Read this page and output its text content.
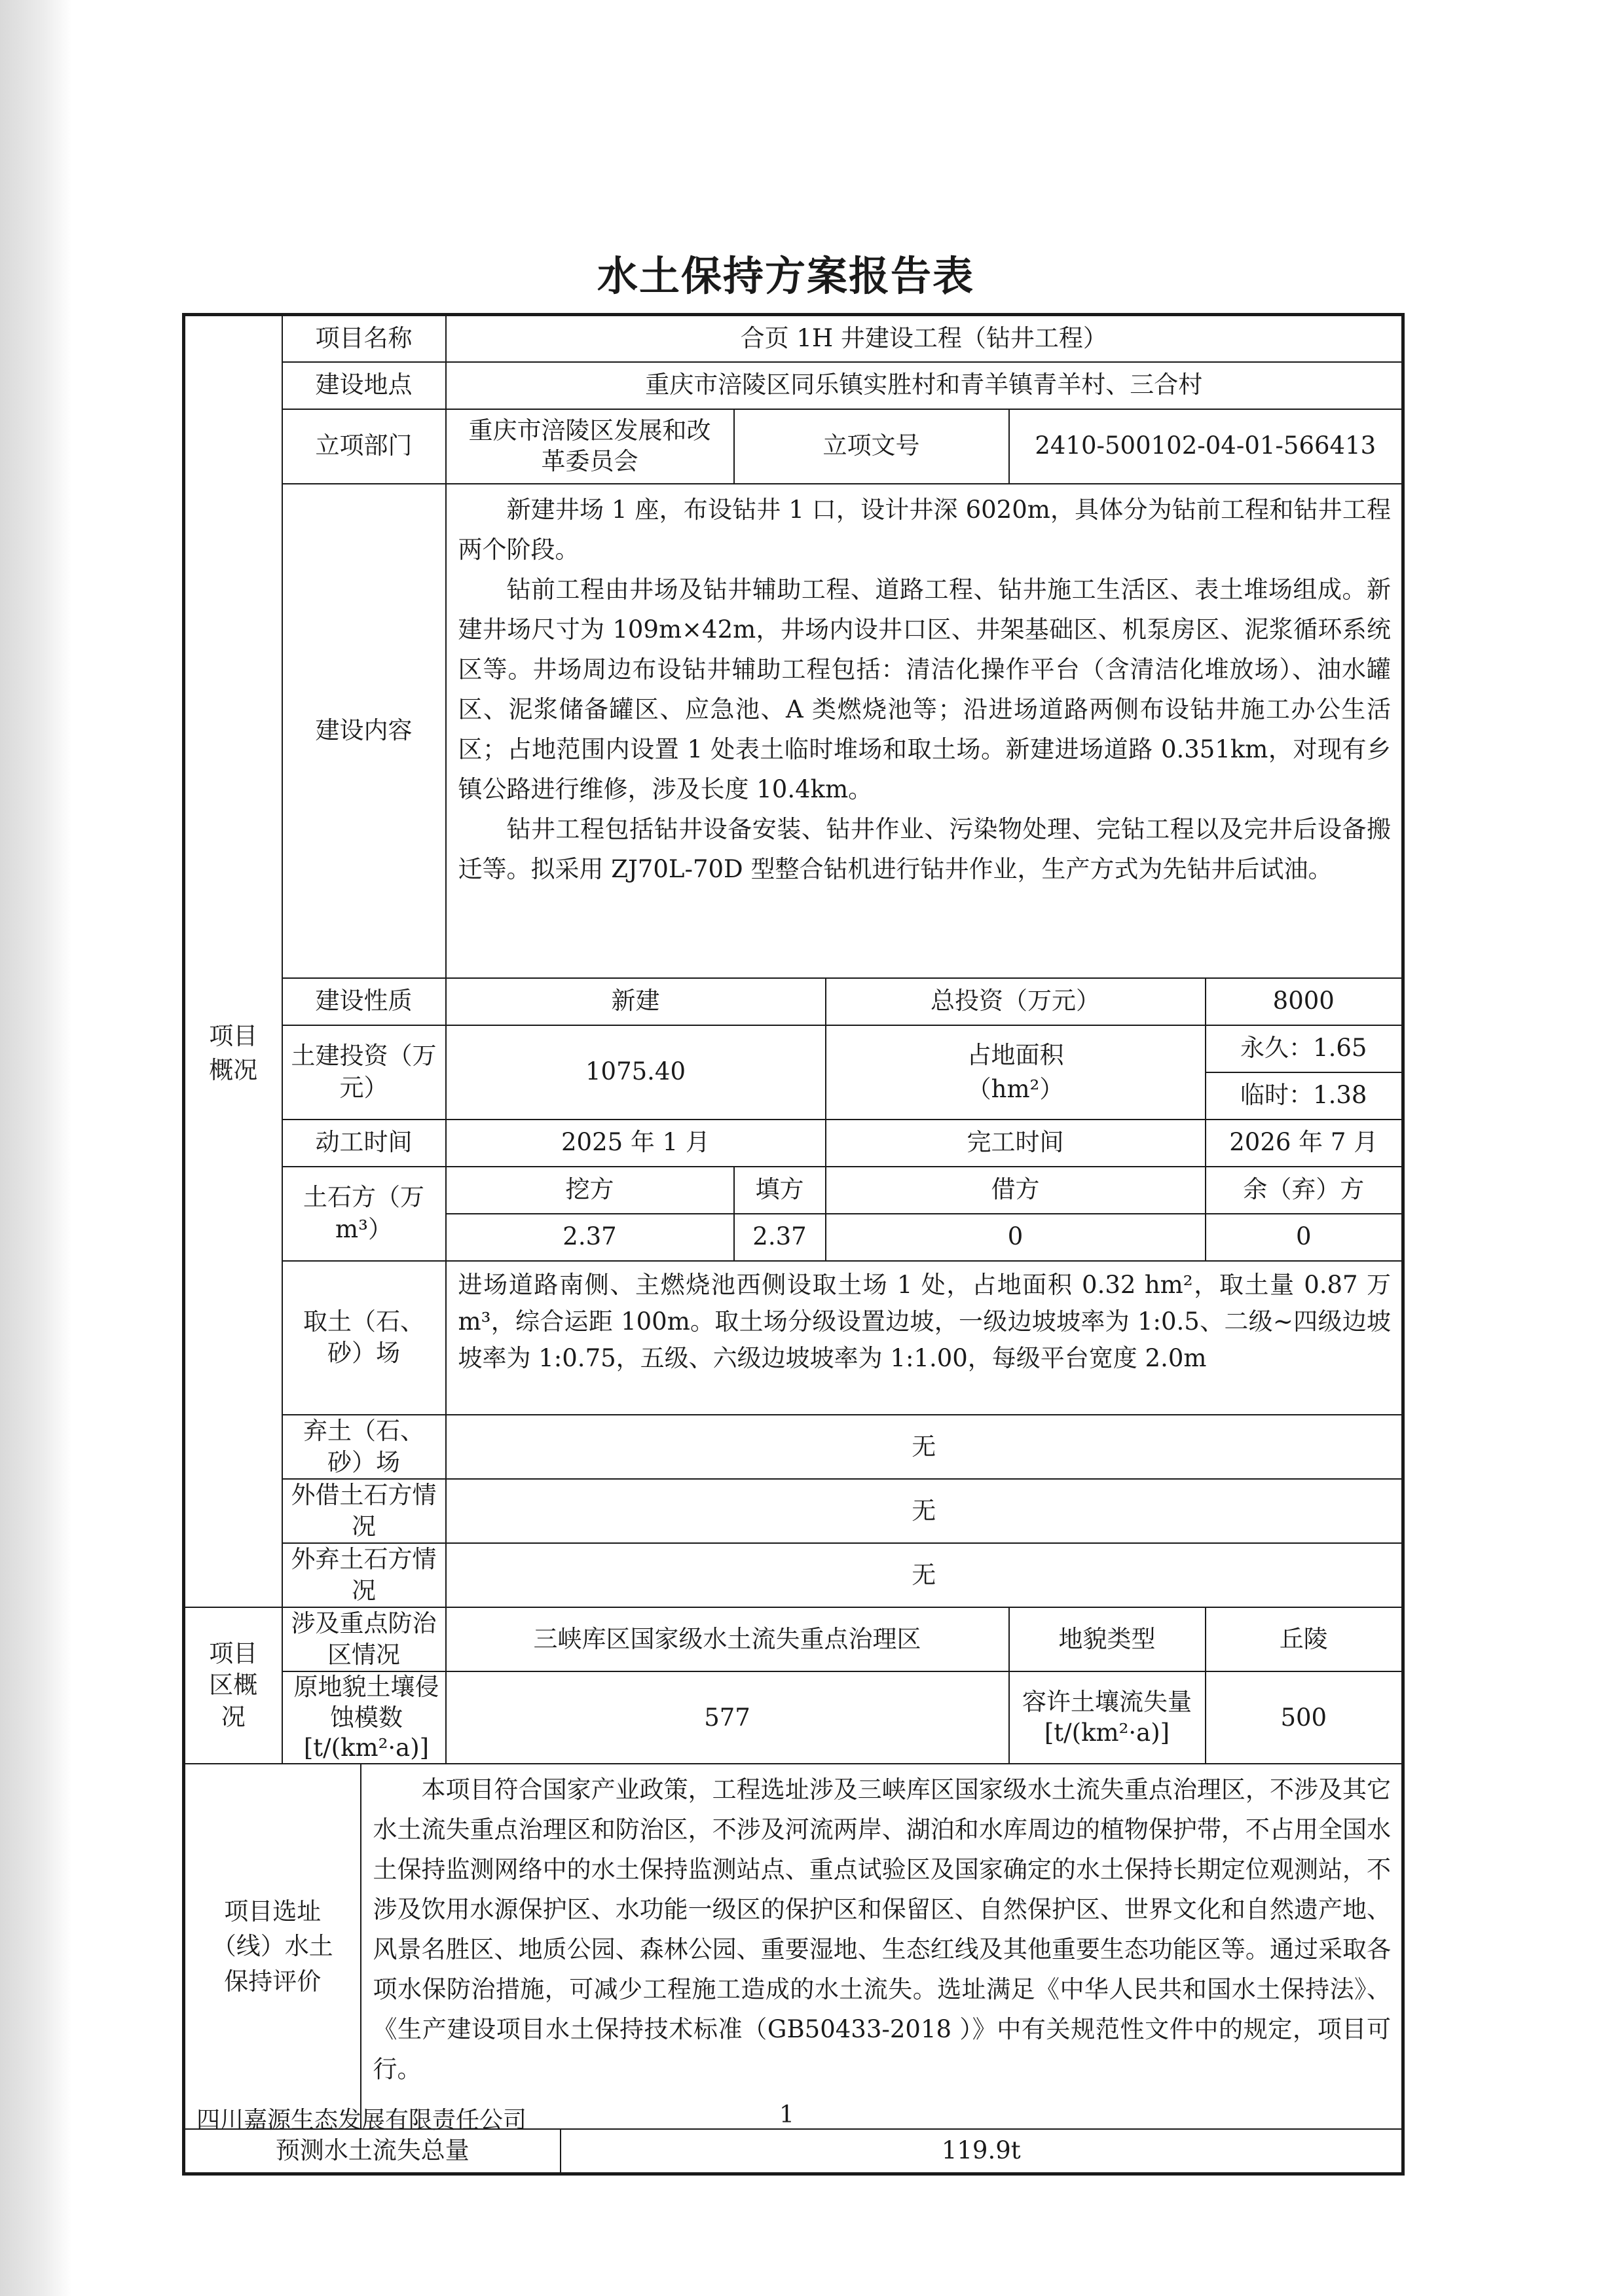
水土保持方案报告表
项目概况	项目名称		合页 1H 井建设工程（钻井工程）					
	建设地点		重庆市涪陵区同乐镇实胜村和青羊镇青羊村、三合村					
	立项部门		重庆市涪陵区发展和改革委员会		立项文号		2410-500102-04-01-566413	
	建设内容		新建井场 1 座，布设钻井 1 口，设计井深 6020m，具体分为钻前工程和钻井工程两个阶段。

钻前工程由井场及钻井辅助工程、道路工程、钻井施工生活区、表土堆场组成。新建井场尺寸为 109m×42m，井场内设井口区、井架基础区、机泵房区、泥浆循环系统区等。井场周边布设钻井辅助工程包括：清洁化操作平台（含清洁化堆放场）、油水罐区、泥浆储备罐区、应急池、A 类燃烧池等；沿进场道路两侧布设钻井施工办公生活区；占地范围内设置 1 处表土临时堆场和取土场。新建进场道路 0.351km，对现有乡镇公路进行维修，涉及长度 10.4km。

钻井工程包括钻井设备安装、钻井作业、污染物处理、完钻工程以及完井后设备搬迁等。拟采用 ZJ70L-70D 型整合钻机进行钻井作业，生产方式为先钻井后试油。					

	建设性质		新建			总投资（万元）		8000
	土建投资（万元）		1075.40			占地面积（hm²）		永久：1.65
								临时：1.38
	动工时间		2025 年 1 月			完工时间		2026 年 7 月
	土石方（万 m³）		挖方		填方	借方		余（弃）方
			2.37		2.37	0		0
	取土（石、砂）场		进场道路南侧、主燃烧池西侧设取土场 1 处，占地面积 0.32 hm²，取土量 0.87 万 m³，综合运距 100m。取土场分级设置边坡，一级边坡坡率为 1:0.5、二级~四级边坡坡率为 1:0.75，五级、六级边坡坡率为 1:1.00，每级平台宽度 2.0m					

	弃土（石、砂）场		无					
	外借土石方情况		无					
	外弃土石方情况		无					

项目区概况	涉及重点防治区情况		三峡库区国家级水土流失重点治理区				地貌类型	丘陵

	原地貌土壤侵蚀模数[t/(km²·a)]		577				容许土壤流失量[t/(km²·a)]	500

项目选址（线）水土保持评价		本项目符合国家产业政策，工程选址涉及三峡库区国家级水土流失重点治理区，不涉及其它水土流失重点治理区和防治区，不涉及河流两岸、湖泊和水库周边的植物保护带，不占用全国水土保持监测网络中的水土保持监测站点、重点试验区及国家确定的水土保持长期定位观测站，不涉及饮用水源保护区、水功能一级区的保护区和保留区、自然保护区、世界文化和自然遗产地、风景名胜区、地质公园、森林公园、重要湿地、生态红线及其他重要生态功能区等。通过采取各项水保防治措施，可减少工程施工造成的水土流失。选址满足《中华人民共和国水土保持法》、《生产建设项目水土保持技术标准（GB50433-2018 ）》中有关规范性文件中的规定，项目可行。						

预测水土流失总量				119.9t				
四川嘉源生态发展有限责任公司	1
